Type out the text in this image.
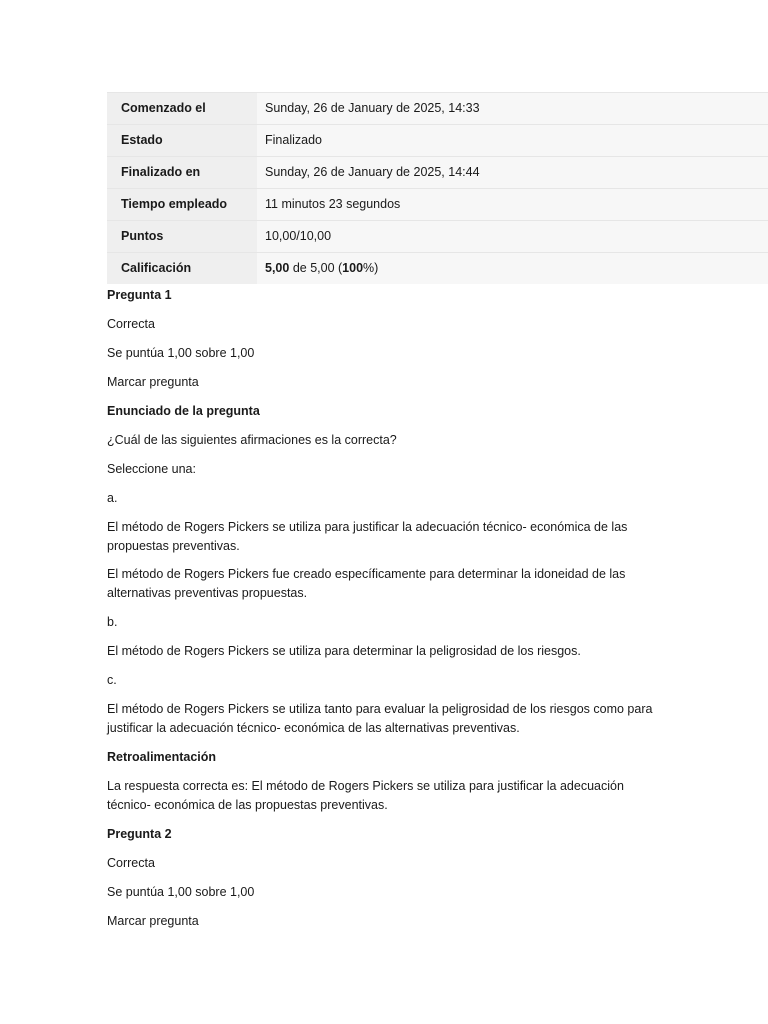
Comenzado el	Sunday, 26 de January de 2025, 14:33
Estado	Finalizado
Finalizado en	Sunday, 26 de January de 2025, 14:44
Tiempo empleado	11 minutos 23 segundos
Puntos	10,00/10,00
Calificación	5,00 de 5,00 (100%)

Pregunta 1

Correcta

Se puntúa 1,00 sobre 1,00

Marcar pregunta

Enunciado de la pregunta

¿Cuál de las siguientes afirmaciones es la correcta?

Seleccione una:

a.

El método de Rogers Pickers se utiliza para justificar la adecuación técnico- económica de las propuestas preventivas.

El método de Rogers Pickers fue creado específicamente para determinar la idoneidad de las alternativas preventivas propuestas.

b.

El método de Rogers Pickers se utiliza para determinar la peligrosidad de los riesgos.

c.

El método de Rogers Pickers se utiliza tanto para evaluar la peligrosidad de los riesgos como para justificar la adecuación técnico- económica de las alternativas preventivas.

Retroalimentación

La respuesta correcta es: El método de Rogers Pickers se utiliza para justificar la adecuación técnico- económica de las propuestas preventivas.

Pregunta 2

Correcta

Se puntúa 1,00 sobre 1,00

Marcar pregunta
